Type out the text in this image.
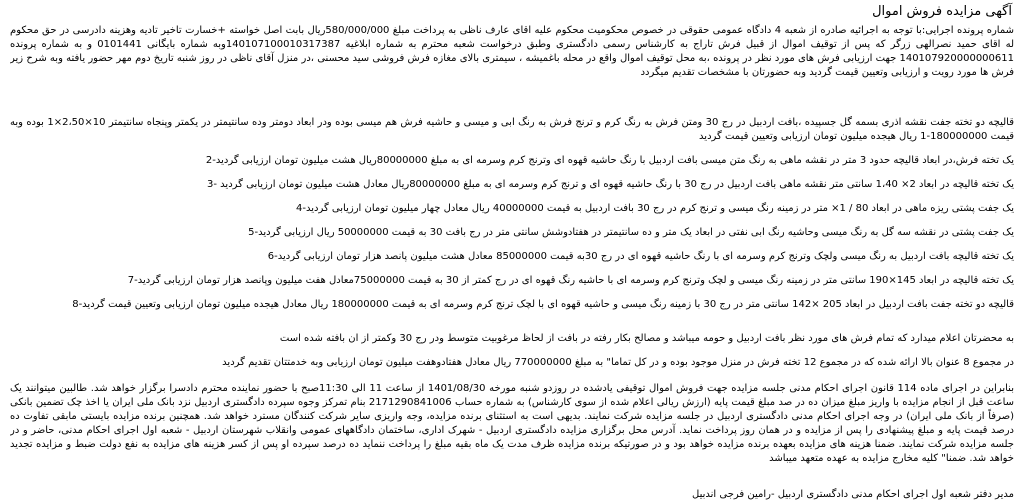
آگهی مزایده فروش اموال

شماره پرونده اجرایی:با توجه به اجرائیه صادره از شعبه 4 دادگاه عمومی حقوقی در خصوص محکومیت محکوم علیه اقای عارف ناظی به پرداخت مبلغ 580/000/000ریال بابت اصل خواسته +خسارت تاخیر تادیه وهزینه دادرسی در حق محکوم له اقای حمید نصرالهی زرگر که پس از توقیف اموال از قبیل فرش تاراج به کارشناس رسمی دادگستری وطبق درخواست شعبه محترم به شماره ابلاغیه 140107100010317387وبه شماره بایگانی 0101441 و به شماره پرونده 140107920000000611 جهت ارزیابی فرش های مورد نظر در پرونده ،به محل توقیف اموال واقع در محله باغمیشه ، سیمتری بالای مغازه فرش فروشی سید محسنی ،در منزل آقای ناظی در روز شنبه تاریخ دوم مهر حضور یافته وبه شرح زیر فرش ها مورد رویت و ارزیابی وتعیین قیمت گردید وبه حضورتان با مشخصات تقدیم میگردد

قالیچه دو تخته جفت نقشه اذری بسمه گل جسپیده ،بافت اردبیل در رج 30 ومتن فرش به رنگ کرم و ترنج فرش به رنگ ابی و میسی و حاشیه فرش هم میسی بوده ودر ابعاد دومتر وده سانتیمتر در یکمتر وپنجاه سانتیمتر 10×2،50×1 بوده وبه قیمت 180000000-1 ریال هیجده میلیون تومان ارزیابی وتعیین قیمت گردید

یک تخته فرش،در ابعاد قالیچه حدود 3 متر در نقشه ماهی به رنگ متن میسی بافت اردبیل با رنگ حاشیه قهوه ای وترنج کرم وسرمه ای به مبلغ 80000000ریال هشت میلیون تومان ارزیابی گردید-2

یک تخته قالیچه در ابعاد 2× 1،40 سانتی متر نقشه ماهی بافت اردبیل در رج 30 با رنگ حاشیه قهوه ای و ترنج کرم وسرمه ای به مبلغ 80000000ریال معادل هشت میلیون تومان ارزیابی گردید -3

یک جفت پشتی ریزه ماهی در ابعاد 80 / 1× متر در زمینه رنگ میسی و ترنج کرم در رج 30 بافت اردبیل به قیمت 40000000 ریال معادل چهار میلیون تومان ارزیابی گردید-4

یک جفت پشتی در نقشه سه گل به رنگ میسی وحاشیه رنگ ابی نفتی در ابعاد یک متر و ده سانتیمتر در هفتادوشش سانتی متر در رج بافت 30 به قیمت 50000000 ریال ارزیابی گردید-5

یک تخته قالیچه بافت اردبیل به رنگ میسی ولچک وترنج کرم وسرمه ای با رنگ حاشیه قهوه ای در رج 30به قیمت 85000000 معادل هشت میلیون پانصد هزار تومان ارزیابی گردید-6

یک تخته قالیچه در ابعاد 145×190 سانتی متر در زمینه رنگ میسی و لچک وترنج کرم وسرمه ای با حاشیه رنگ قهوه ای در رج کمتر از 30 به قیمت 75000000معادل هفت میلیون وپانصد هزار تومان ارزیابی گردید-7

قالیچه دو تخته جفت بافت اردبیل در ابعاد 205 ×142 سانتی متر در رج 30 با زمینه رنگ میسی و حاشیه قهوه ای با لچک ترنج کرم وسرمه ای به قیمت 180000000 ریال معادل هیجده میلیون تومان ارزیابی وتعیین قیمت گردید-8

به محضرتان اعلام میدارد که تمام فرش های مورد نظر بافت اردبیل و حومه میباشد و مصالح بکار رفته در بافت از لحاظ مرغوبیت متوسط ودر رج 30 وکمتر از ان بافته شده است

در مجموع 8 عنوان بالا ارائه شده که در مجموع 12 تخته فرش در منزل موجود بوده و در کل تماما" به مبلغ 770000000 ریال معادل هفتادوهفت میلیون تومان ارزیابی وبه خدمتتان تقدیم گردید

بنابراین در اجرای ماده 114 قانون اجرای احکام مدنی جلسه مزایده جهت فروش اموال توقیفی یادشده در روزدو شنبه مورخه 1401/08/30 از ساعت 11 الی 11:30صبح با حضور نماینده محترم دادسرا برگزار خواهد شد. طالبین میتوانند یک ساعت قبل از انجام مزایده با واریز مبلغ میزان ده در صد مبلغ قیمت پایه (ارزش ریالی اعلام شده از سوی کارشناس) به شماره حساب 2171290841006 بنام تمرکز وجوه سپرده دادگستری اردبیل نزد بانک ملی ایران یا اخذ چک تضمین بانکی (صرفاً از بانک ملی ایران) در وجه اجرای احکام مدنی دادگستری اردبیل در جلسه مزایده شرکت نمایند. بدیهی است به استثنای برنده مزایده، وجه واریزی سایر شرکت کنندگان مسترد خواهد شد. همچنین برنده مزایده بایستی مابقی تفاوت ده درصد قیمت پایه و مبلغ پیشنهادی را پس از مزایده و در همان روز پرداخت نماید. آدرس محل برگزاری مزایده دادگستری اردبیل - شهرک اداری، ساختمان دادگاههای عمومی وانقلاب شهرستان اردبیل - شعبه اول اجرای احکام مدنی، حاضر و در جلسه مزایده شرکت نمایند. ضمنا هزینه های مزایده بعهده برنده مزایده خواهد بود و در صورتیکه برنده مزایده ظرف مدت یک ماه بقیه مبلغ را پرداخت ننماید ده درصد سپرده او پس از کسر هزینه های مزایده به نفع دولت ضبط و مزایده تجدید خواهد شد. ضمنا" کلیه مخارج مزایده به عهده متعهد میباشد

مدیر دفتر شعبه اول اجرای احکام مدنی دادگستری اردبیل -رامین فرجی اندبیل
